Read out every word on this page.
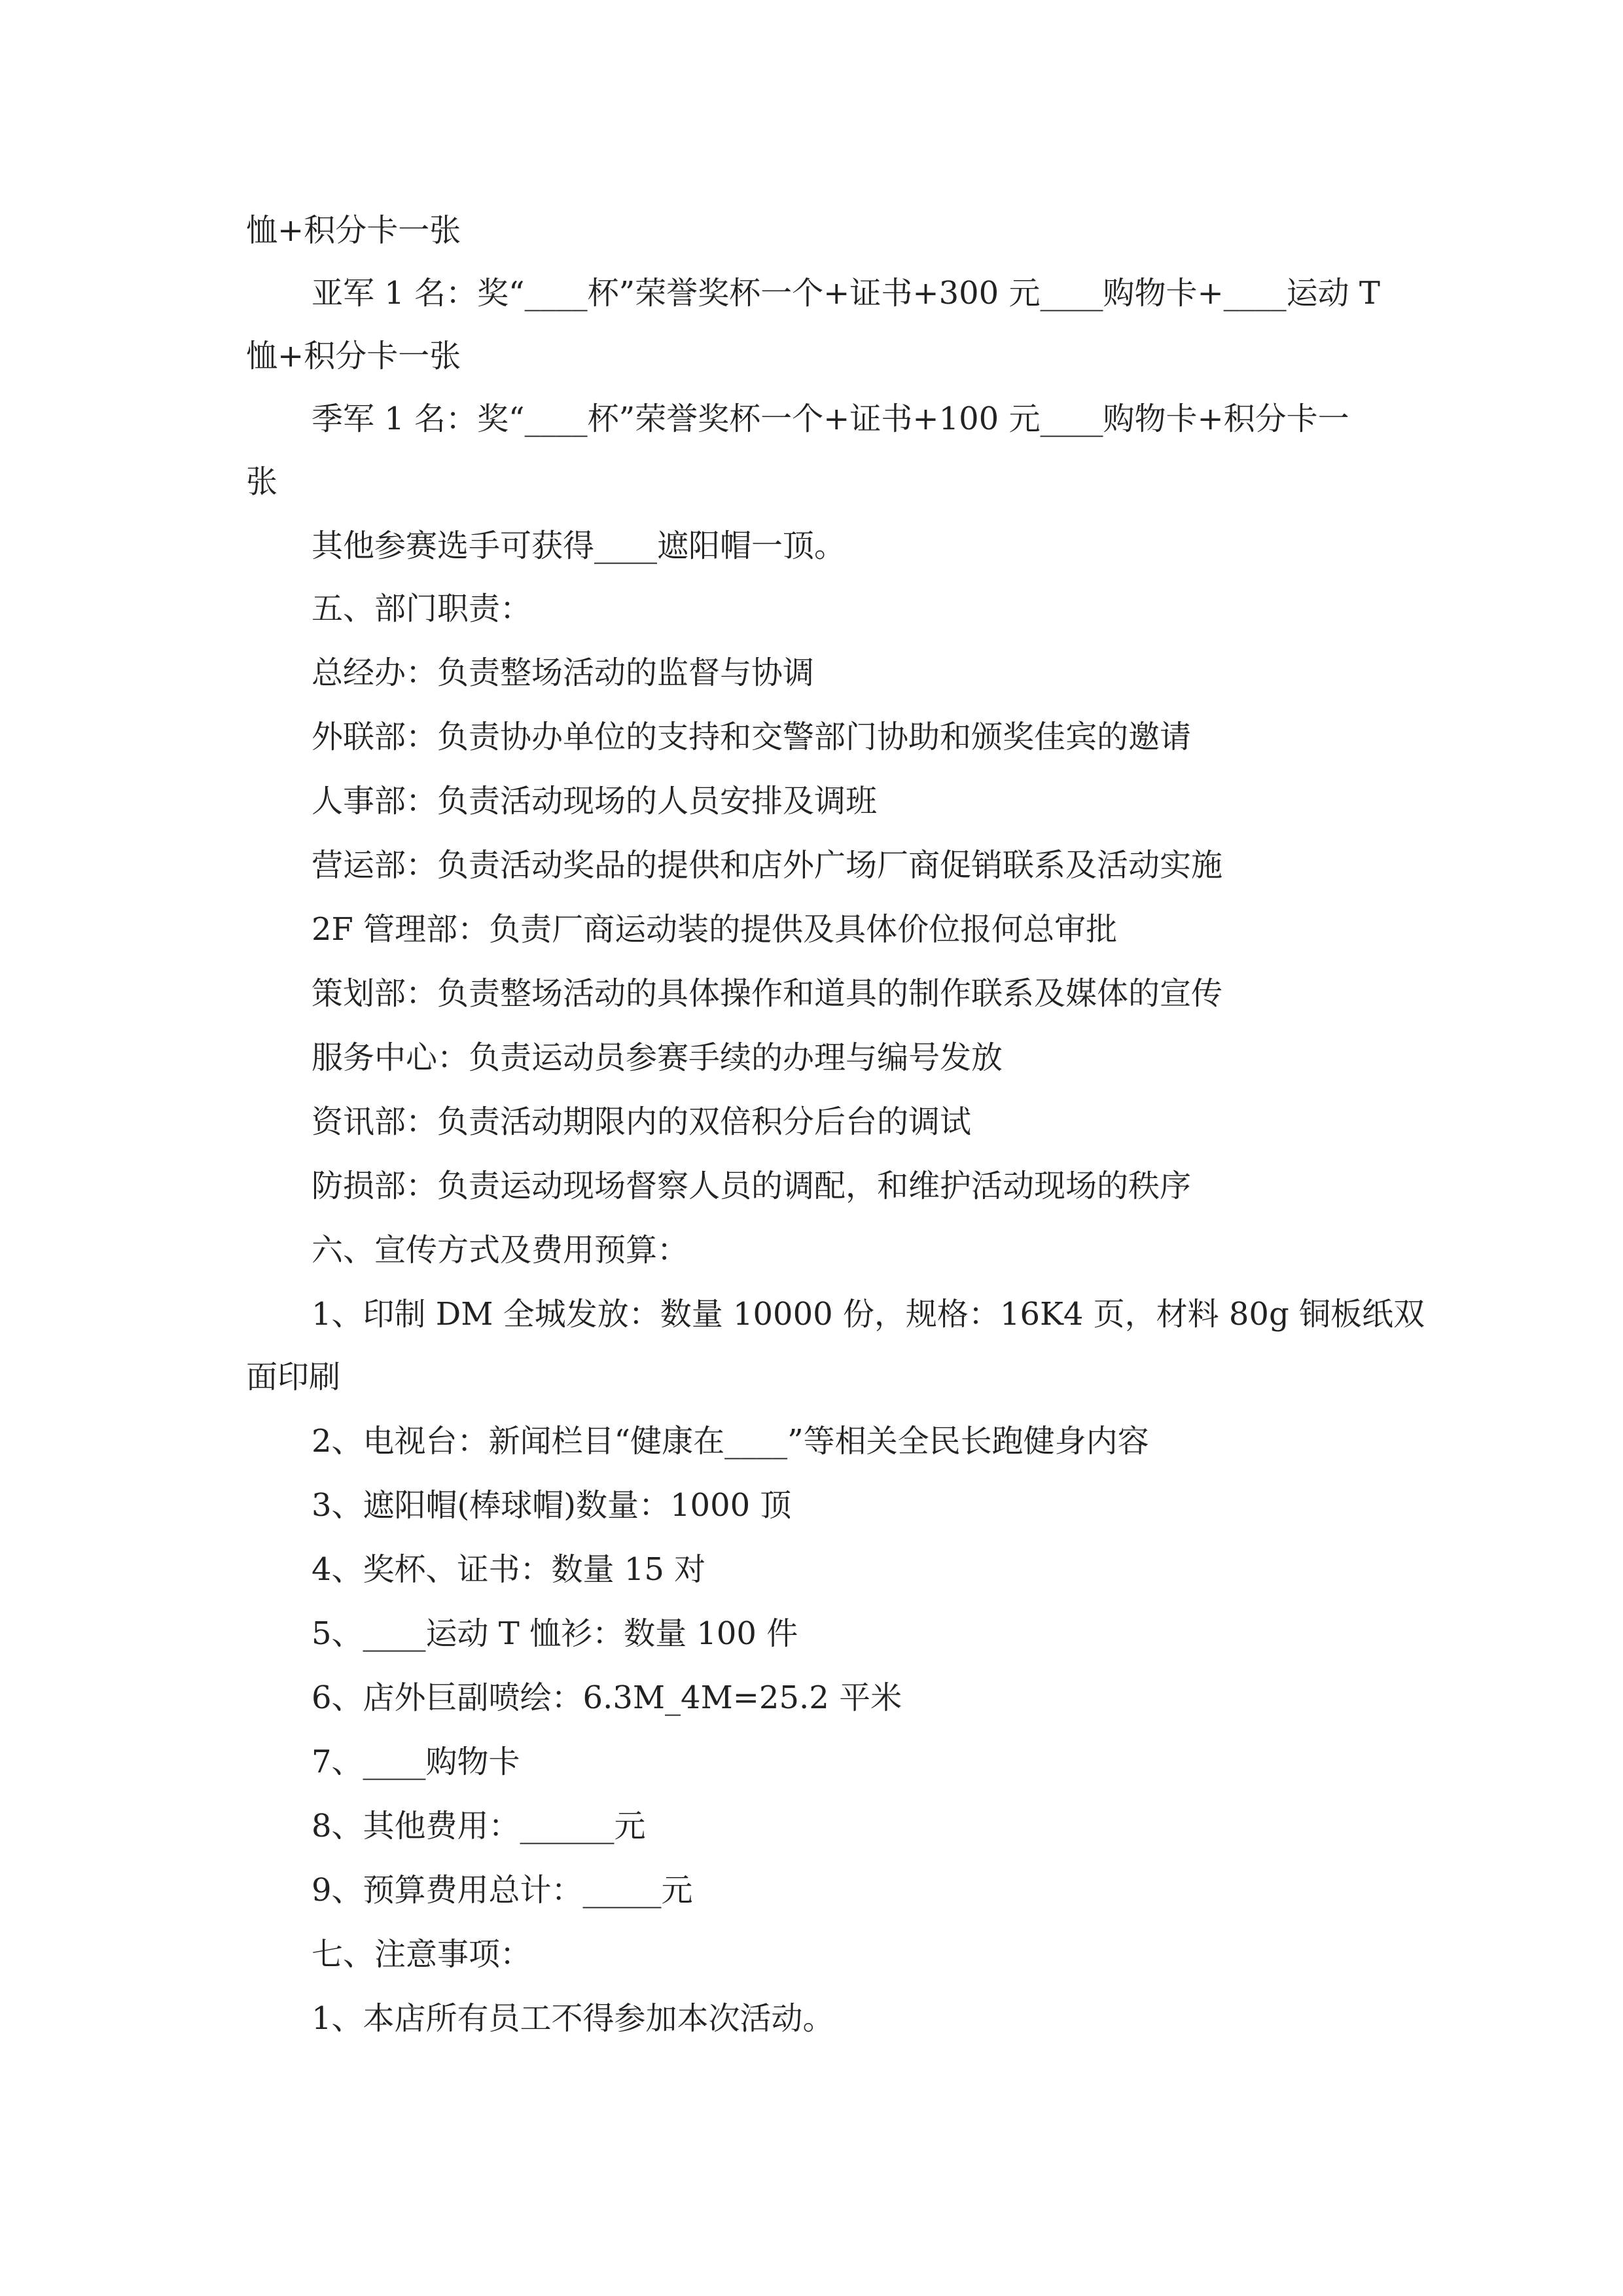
恤+积分卡一张
亚军 1 名：奖“____杯”荣誉奖杯一个+证书+300 元____购物卡+____运动 T
恤+积分卡一张
季军 1 名：奖“____杯”荣誉奖杯一个+证书+100 元____购物卡+积分卡一
张
其他参赛选手可获得____遮阳帽一顶。
五、部门职责：
总经办：负责整场活动的监督与协调
外联部：负责协办单位的支持和交警部门协助和颁奖佳宾的邀请
人事部：负责活动现场的人员安排及调班
营运部：负责活动奖品的提供和店外广场厂商促销联系及活动实施
2F 管理部：负责厂商运动装的提供及具体价位报何总审批
策划部：负责整场活动的具体操作和道具的制作联系及媒体的宣传
服务中心：负责运动员参赛手续的办理与编号发放
资讯部：负责活动期限内的双倍积分后台的调试
防损部：负责运动现场督察人员的调配，和维护活动现场的秩序
六、宣传方式及费用预算：
1、印制 DM 全城发放：数量 10000 份，规格：16K4 页，材料 80g 铜板纸双
面印刷
2、电视台：新闻栏目“健康在____”等相关全民长跑健身内容
3、遮阳帽(棒球帽)数量：1000 顶
4、奖杯、证书：数量 15 对
5、____运动 T 恤衫：数量 100 件
6、店外巨副喷绘：6.3M_4M=25.2 平米
7、____购物卡
8、其他费用：______元
9、预算费用总计：_____元
七、注意事项：
1、本店所有员工不得参加本次活动。
